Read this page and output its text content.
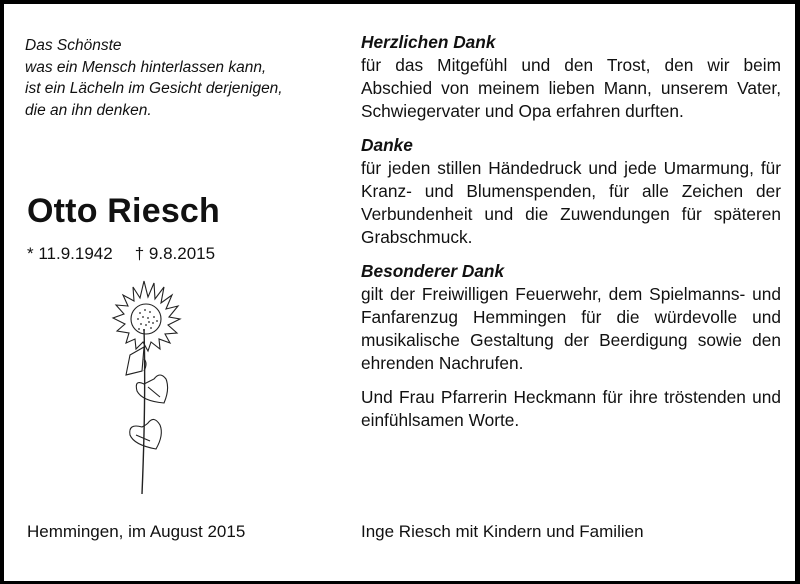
Das Schönste
was ein Mensch hinterlassen kann,
ist ein Lächeln im Gesicht derjenigen,
die an ihn denken.
Otto Riesch
* 11.9.1942 † 9.8.2015
Hemmingen, im August 2015
Herzlichen Dank
für das Mitgefühl und den Trost, den wir beim Abschied von meinem lieben Mann, unserem Vater, Schwiegervater und Opa erfahren durften.
Danke
für jeden stillen Händedruck und jede Umarmung, für Kranz- und Blumenspenden, für alle Zeichen der Verbundenheit und die Zuwendungen für späteren Grabschmuck.
Besonderer Dank
gilt der Freiwilligen Feuerwehr, dem Spielmanns- und Fanfarenzug Hemmingen für die würdevolle und musikalische Gestaltung der Beerdigung sowie den ehrenden Nachrufen.
Und Frau Pfarrerin Heckmann für ihre tröstenden und einfühlsamen Worte.
Inge Riesch mit Kindern und Familien
